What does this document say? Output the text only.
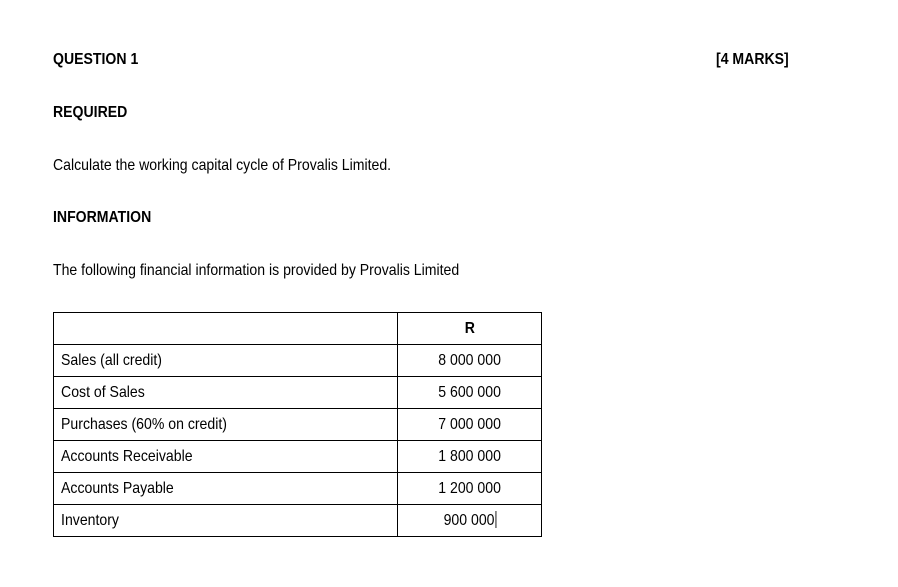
QUESTION 1	[4 MARKS]
REQUIRED
Calculate the working capital cycle of Provalis Limited.
INFORMATION
The following financial information is provided by Provalis Limited
	R
Sales (all credit)	8 000 000
Cost of Sales	5 600 000
Purchases (60% on credit)	7 000 000
Accounts Receivable	1 800 000
Accounts Payable	1 200 000
Inventory	900 000
